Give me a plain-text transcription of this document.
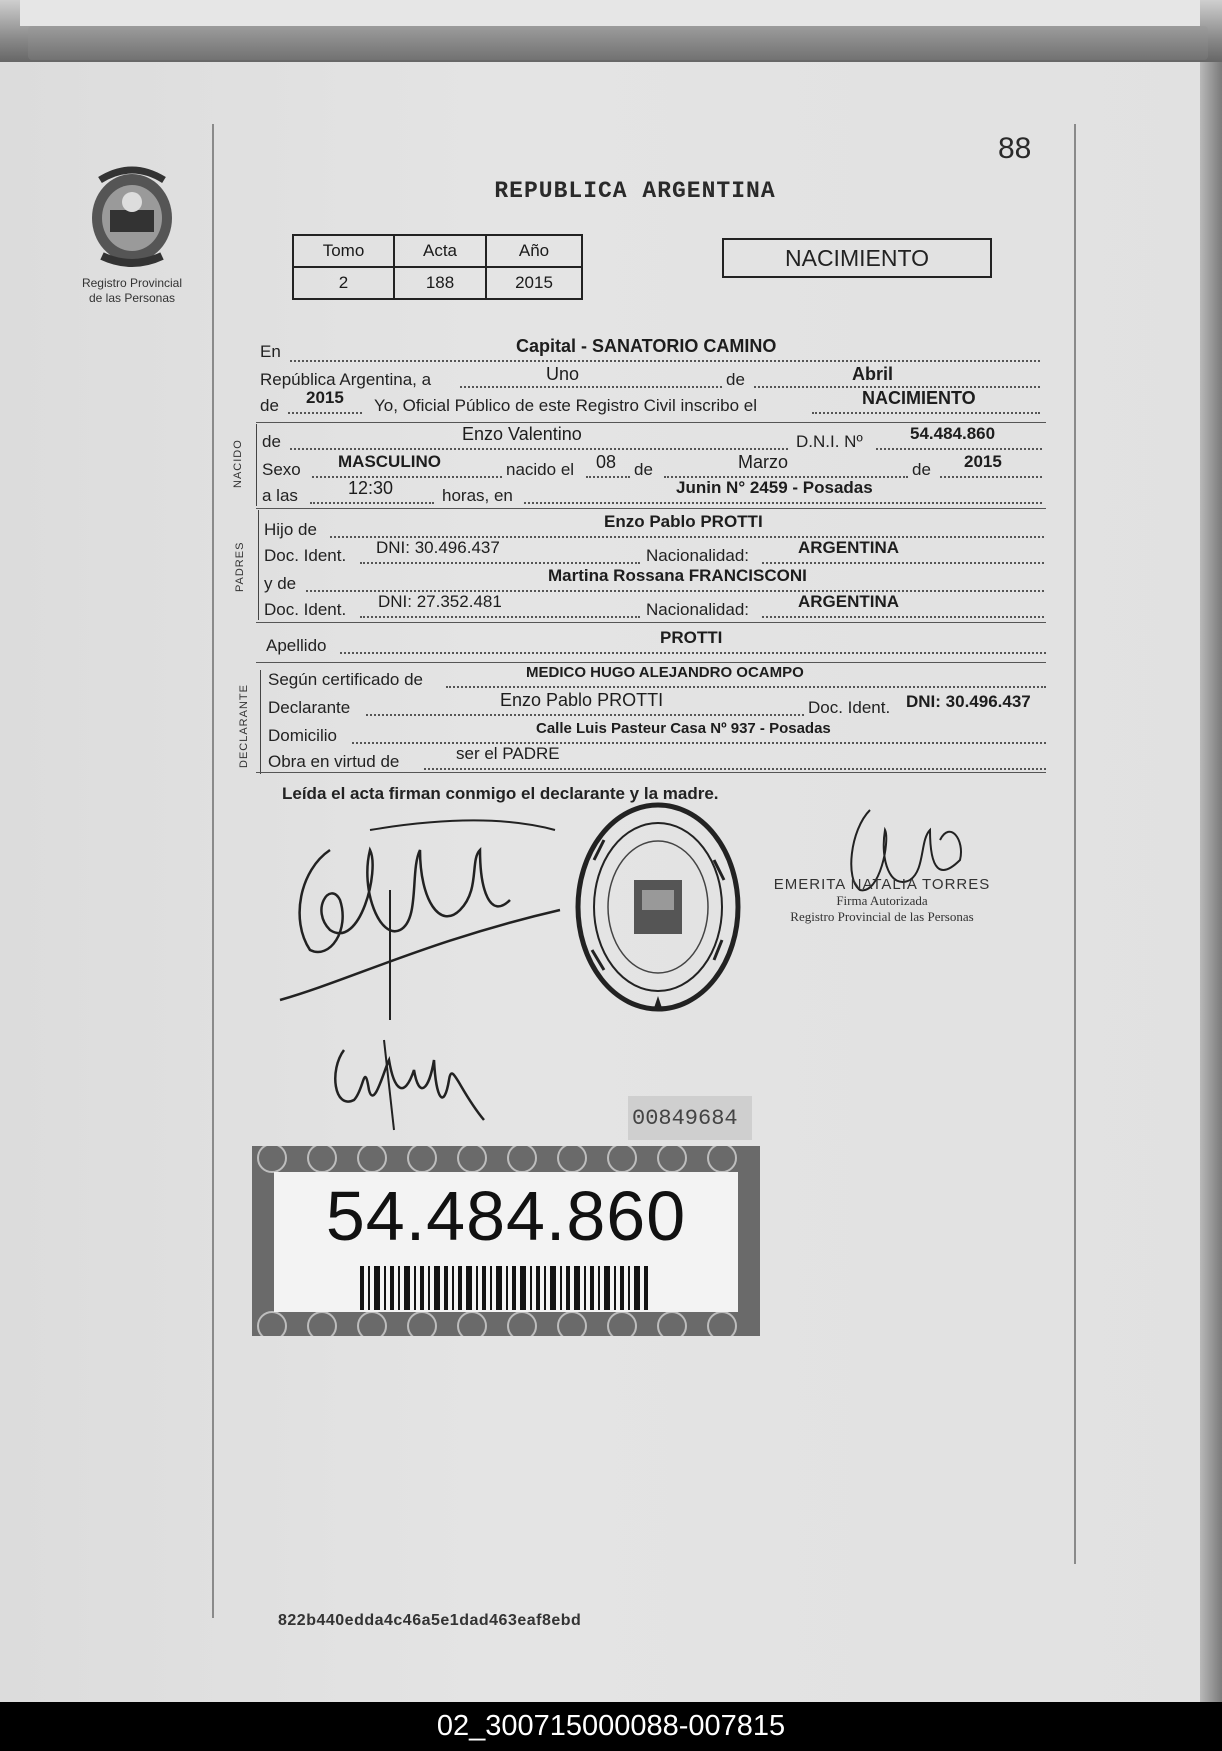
Registro Provincial
de las Personas
88
REPUBLICA ARGENTINA
Tomo	Acta	Año
2	188	2015
NACIMIENTO
En	Capital - SANATORIO CAMINO
República Argentina, a	Uno	de	Abril
de 2015 Yo, Oficial Público de este Registro Civil inscribo el	NACIMIENTO
NACIDO de	Enzo Valentino	D.N.I. Nº	54.484.860
Sexo MASCULINO	nacido el 08 de	Marzo	de 2015
a las	12:30	horas, en	Junin N° 2459 - Posadas
PADRES
Hijo de	Enzo Pablo PROTTI
Doc. Ident. DNI: 30.496.437	Nacionalidad:	ARGENTINA
y de	Martina Rossana FRANCISCONI
Doc. Ident. DNI: 27.352.481	Nacionalidad:	ARGENTINA
Apellido	PROTTI
DECLARANTE
Según certificado de	MEDICO HUGO ALEJANDRO OCAMPO
Declarante	Enzo Pablo PROTTI	Doc. Ident. DNI: 30.496.437
Domicilio	Calle Luis Pasteur Casa Nº 937 - Posadas
Obra en virtud de	ser el PADRE
Leída el acta firman conmigo el declarante y la madre.
EMERITA NATALIA TORRES
Firma Autorizada
Registro Provincial de las Personas
00849684
54.484.860
822b440edda4c46a5e1dad463eaf8ebd
02_300715000088-007815
